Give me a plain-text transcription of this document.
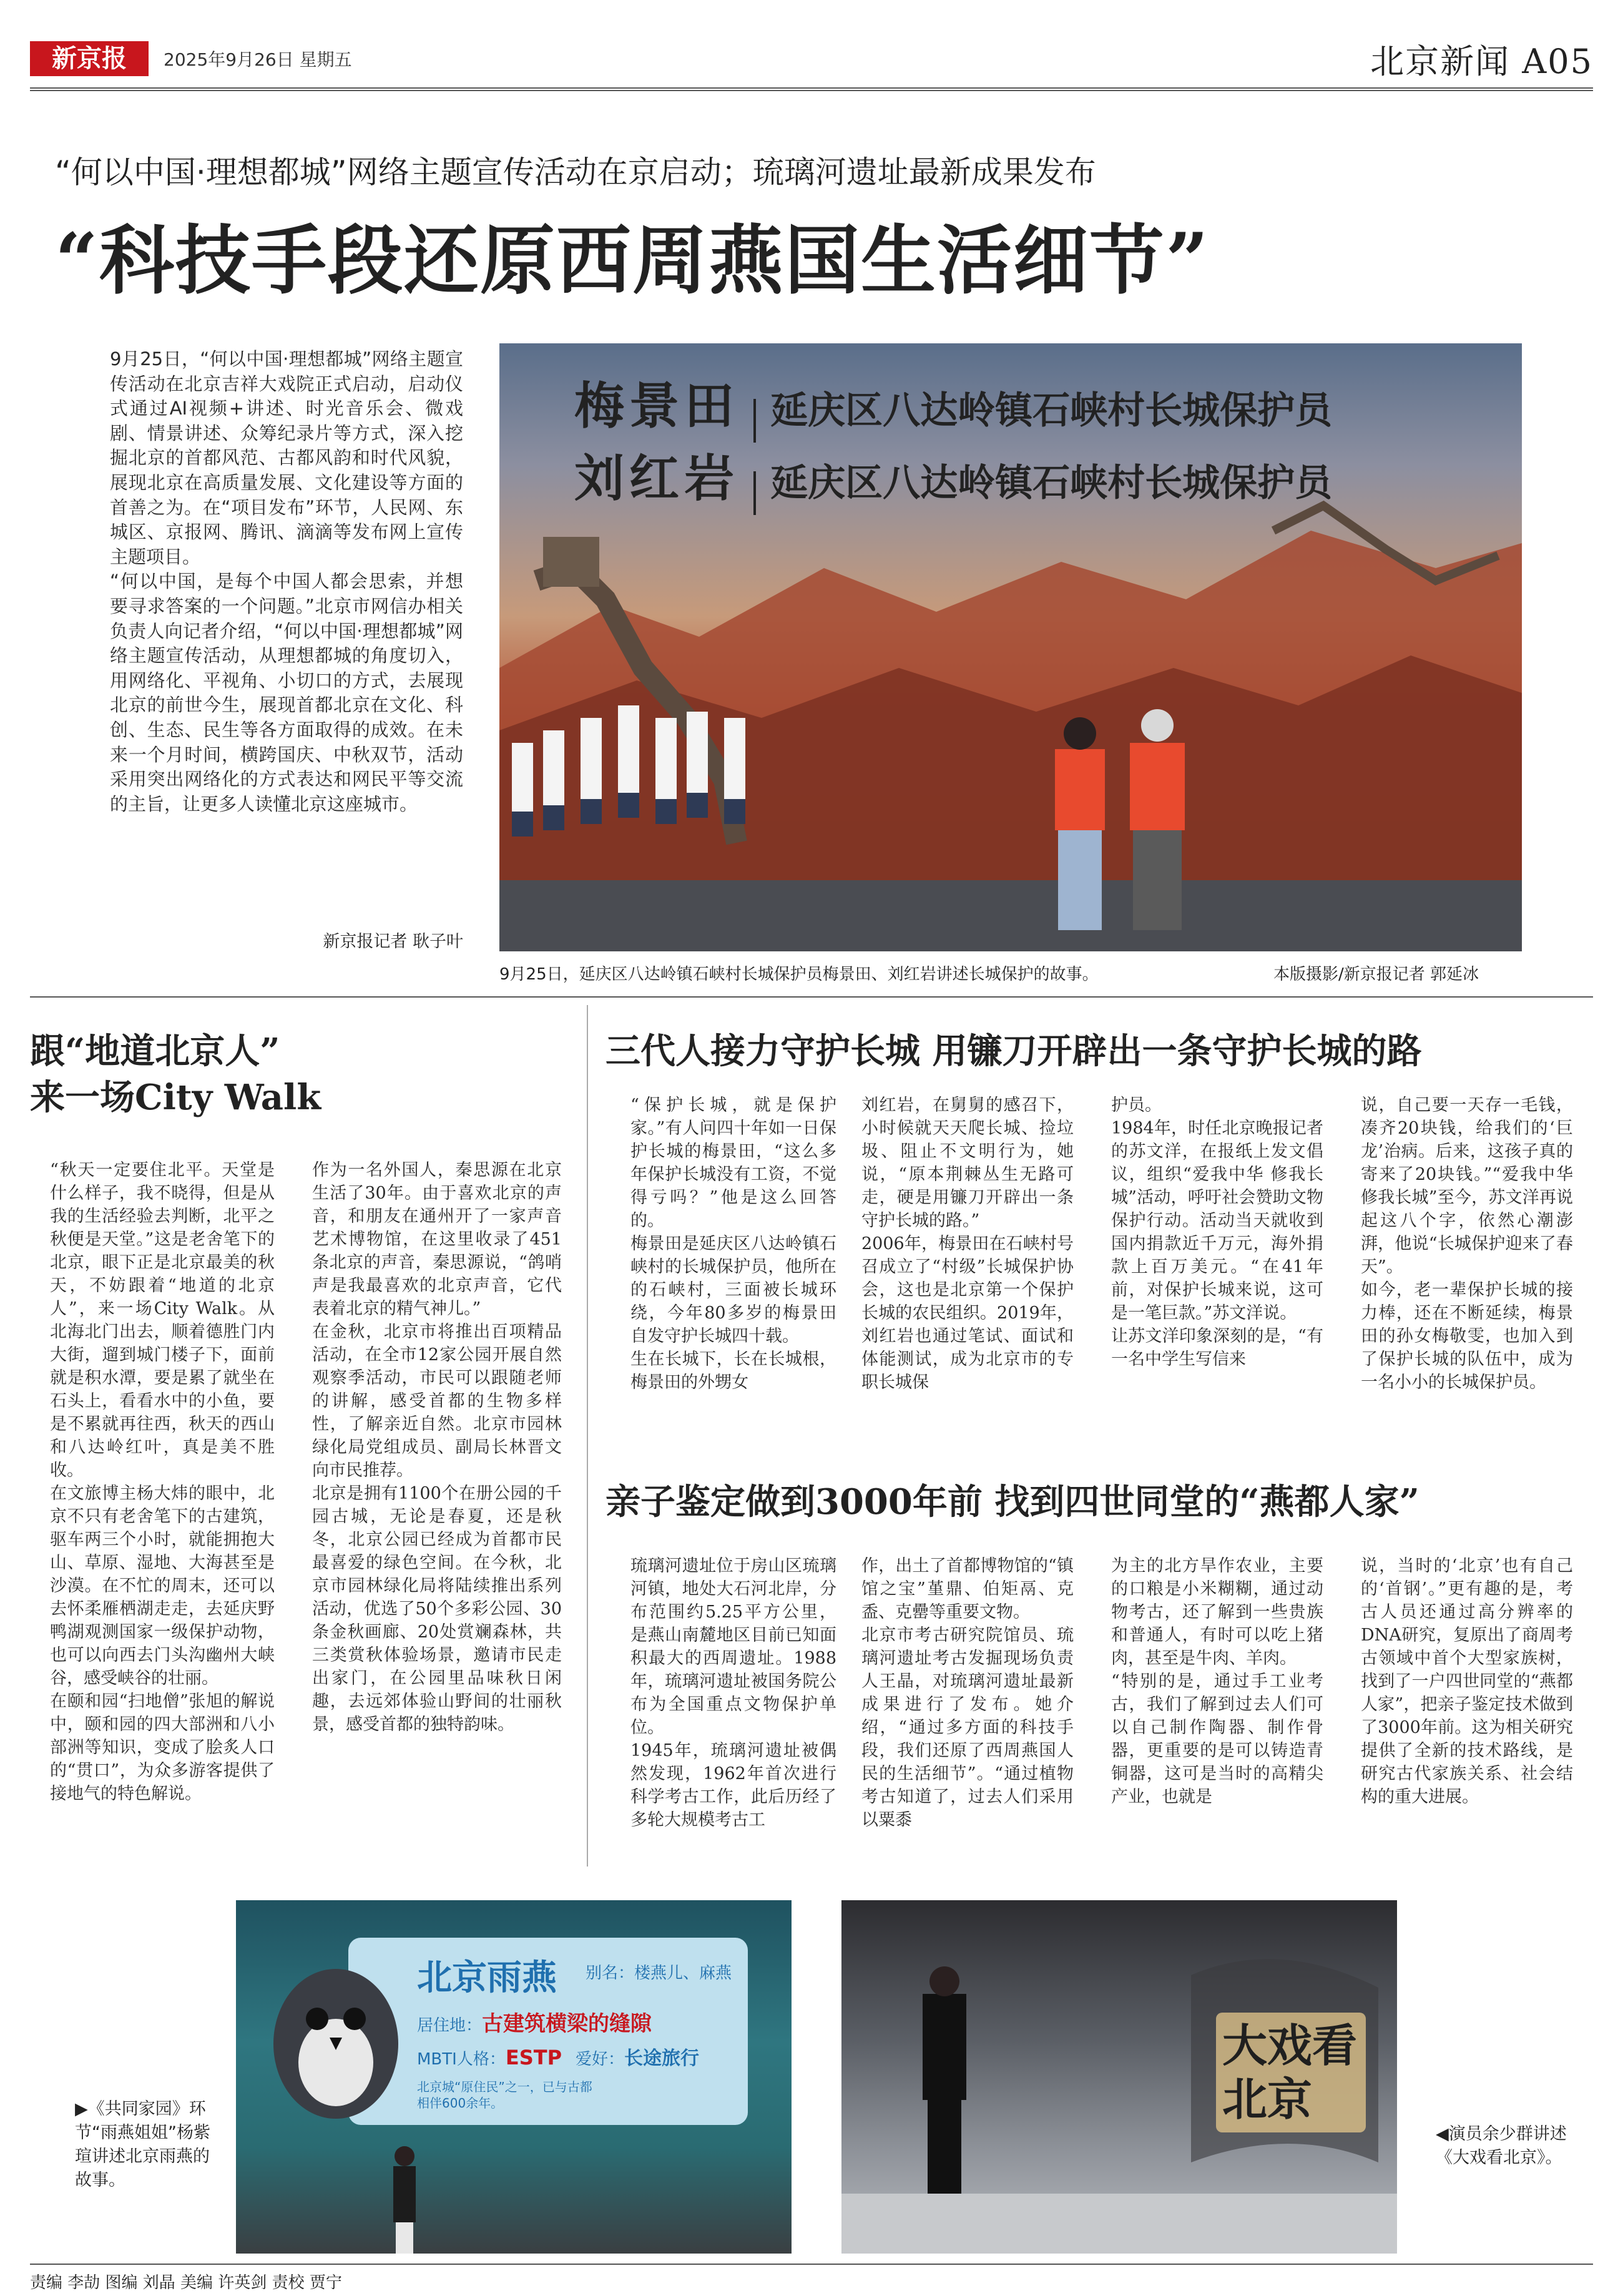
新京报	2025年9月26日 星期五	北京新闻 A05
“何以中国·理想都城”网络主题宣传活动在京启动；琉璃河遗址最新成果发布
“科技手段还原西周燕国生活细节”
9月25日，“何以中国·理想都城”网络主题宣传活动在北京吉祥大戏院正式启动，启动仪式通过AI视频+讲述、时光音乐会、微戏剧、情景讲述、众筹纪录片等方式，深入挖掘北京的首都风范、古都风韵和时代风貌，展现北京在高质量发展、文化建设等方面的首善之为。在“项目发布”环节，人民网、东城区、京报网、腾讯、滴滴等发布网上宣传主题项目。
“何以中国，是每个中国人都会思索，并想要寻求答案的一个问题。”北京市网信办相关负责人向记者介绍，“何以中国·理想都城”网络主题宣传活动，从理想都城的角度切入，用网络化、平视角、小切口的方式，去展现北京的前世今生，展现首都北京在文化、科创、生态、民生等各方面取得的成效。在未来一个月时间，横跨国庆、中秋双节，活动采用突出网络化的方式表达和网民平等交流的主旨，让更多人读懂北京这座城市。
新京报记者 耿子叶
梅景田 延庆区八达岭镇石峡村长城保护员
刘红岩 延庆区八达岭镇石峡村长城保护员
9月25日，延庆区八达岭镇石峡村长城保护员梅景田、刘红岩讲述长城保护的故事。	本版摄影/新京报记者 郭延冰
跟“地道北京人”
来一场City Walk
“秋天一定要住北平。天堂是什么样子，我不晓得，但是从我的生活经验去判断，北平之秋便是天堂。”这是老舍笔下的北京，眼下正是北京最美的秋天，不妨跟着“地道的北京人”，来一场City Walk。从北海北门出去，顺着德胜门内大街，遛到城门楼子下，面前就是积水潭，要是累了就坐在石头上，看看水中的小鱼，要是不累就再往西，秋天的西山和八达岭红叶，真是美不胜收。
在文旅博主杨大炜的眼中，北京不只有老舍笔下的古建筑，驱车两三个小时，就能拥抱大山、草原、湿地、大海甚至是沙漠。在不忙的周末，还可以去怀柔雁栖湖走走，去延庆野鸭湖观测国家一级保护动物，也可以向西去门头沟幽州大峡谷，感受峡谷的壮丽。
在颐和园“扫地僧”张旭的解说中，颐和园的四大部洲和八小部洲等知识，变成了脍炙人口的“贯口”，为众多游客提供了接地气的特色解说。
作为一名外国人，秦思源在北京生活了30年。由于喜欢北京的声音，和朋友在通州开了一家声音艺术博物馆，在这里收录了451条北京的声音，秦思源说，“鸽哨声是我最喜欢的北京声音，它代表着北京的精气神儿。”
在金秋，北京市将推出百项精品活动，在全市12家公园开展自然观察季活动，市民可以跟随老师的讲解，感受首都的生物多样性，了解亲近自然。北京市园林绿化局党组成员、副局长林晋文向市民推荐。
北京是拥有1100个在册公园的千园古城，无论是春夏，还是秋冬，北京公园已经成为首都市民最喜爱的绿色空间。在今秋，北京市园林绿化局将陆续推出系列活动，优选了50个多彩公园、30条金秋画廊、20处赏斓森林，共三类赏秋体验场景，邀请市民走出家门，在公园里品味秋日闲趣，去远郊体验山野间的壮丽秋景，感受首都的独特韵味。
三代人接力守护长城 用镰刀开辟出一条守护长城的路
“保护长城，就是保护家。”有人问四十年如一日保护长城的梅景田，“这么多年保护长城没有工资，不觉得亏吗？”他是这么回答的。
梅景田是延庆区八达岭镇石峡村的长城保护员，他所在的石峡村，三面被长城环绕，今年80多岁的梅景田自发守护长城四十载。
生在长城下，长在长城根，梅景田的外甥女
刘红岩，在舅舅的感召下，小时候就天天爬长城、捡垃圾、阻止不文明行为，她说，“原本荆棘丛生无路可走，硬是用镰刀开辟出一条守护长城的路。”
2006年，梅景田在石峡村号召成立了“村级”长城保护协会，这也是北京第一个保护长城的农民组织。2019年，刘红岩也通过笔试、面试和体能测试，成为北京市的专职长城保
护员。
1984年，时任北京晚报记者的苏文洋，在报纸上发文倡议，组织“爱我中华 修我长城”活动，呼吁社会赞助文物保护行动。活动当天就收到国内捐款近千万元，海外捐款上百万美元。“在41年前，对保护长城来说，这可是一笔巨款。”苏文洋说。
让苏文洋印象深刻的是，“有一名中学生写信来
说，自己要一天存一毛钱，凑齐20块钱，给我们的‘巨龙’治病。后来，这孩子真的寄来了20块钱。”“爱我中华 修我长城”至今，苏文洋再说起这八个字，依然心潮澎湃，他说“长城保护迎来了春天”。
如今，老一辈保护长城的接力棒，还在不断延续，梅景田的孙女梅敬雯，也加入到了保护长城的队伍中，成为一名小小的长城保护员。
亲子鉴定做到3000年前 找到四世同堂的“燕都人家”
琉璃河遗址位于房山区琉璃河镇，地处大石河北岸，分布范围约5.25平方公里，是燕山南麓地区目前已知面积最大的西周遗址。1988年，琉璃河遗址被国务院公布为全国重点文物保护单位。
1945年，琉璃河遗址被偶然发现，1962年首次进行科学考古工作，此后历经了多轮大规模考古工
作，出土了首都博物馆的“镇馆之宝”堇鼎、伯矩鬲、克盉、克罍等重要文物。
北京市考古研究院馆员、琉璃河遗址考古发掘现场负责人王晶，对琉璃河遗址最新成果进行了发布。她介绍，“通过多方面的科技手段，我们还原了西周燕国人民的生活细节”。“通过植物考古知道了，过去人们采用以粟黍
为主的北方旱作农业，主要的口粮是小米糊糊，通过动物考古，还了解到一些贵族和普通人，有时可以吃上猪肉，甚至是牛肉、羊肉。
“特别的是，通过手工业考古，我们了解到过去人们可以自己制作陶器、制作骨器，更重要的是可以铸造青铜器，这可是当时的高精尖产业，也就是
说，当时的‘北京’也有自己的‘首钢’。”更有趣的是，考古人员还通过高分辨率的DNA研究，复原出了商周考古领域中首个大型家族树，找到了一户四世同堂的“燕都人家”，把亲子鉴定技术做到了3000年前。这为相关研究提供了全新的技术路线，是研究古代家族关系、社会结构的重大进展。
北京雨燕 别名：楼燕儿、麻燕
居住地：古建筑横梁的缝隙
MBTI人格：ESTP 爱好：长途旅行
北京城“原住民”之一，已与古都相伴600余年。
▶《共同家园》环节“雨燕姐姐”杨紫瑄讲述北京雨燕的故事。
大戏看北京
◀演员余少群讲述《大戏看北京》。
责编 李劼 图编 刘晶 美编 许英剑 责校 贾宁
